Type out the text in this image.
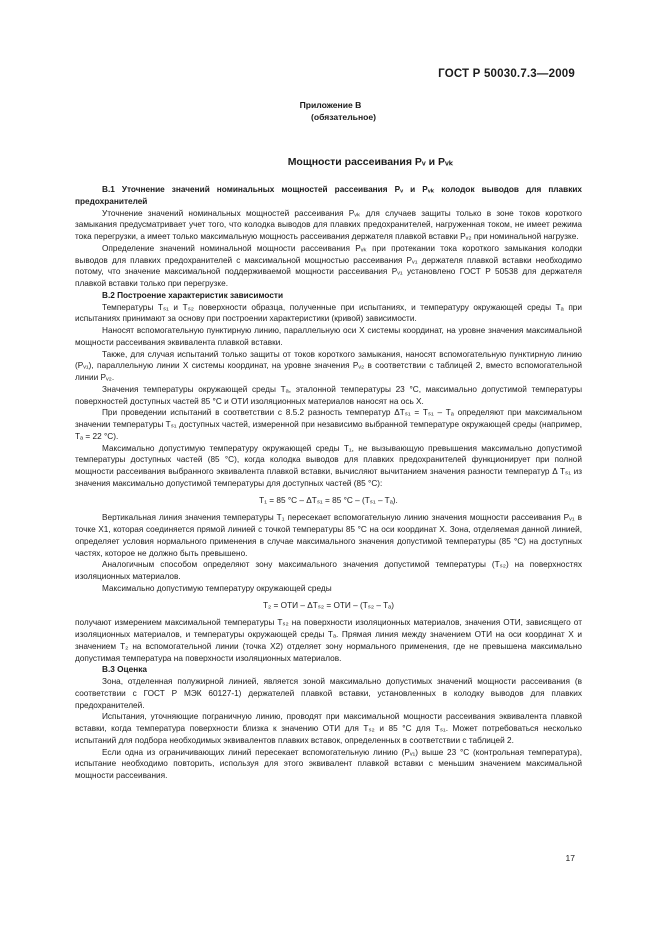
ГОСТ Р 50030.7.3—2009
Приложение В
(обязательное)
Мощности рассеивания Pᵥ и Pᵥₖ

В.1 Уточнение значений номинальных мощностей рассеивания Pᵥ и Pᵥₖ колодок выводов для плавких предохранителей

Уточнение значений номинальных мощностей рассеивания Pᵥₖ для случаев защиты только в зоне токов короткого замыкания предусматривает учет того, что колодка выводов для плавких предохранителей, нагруженная током, не имеет режима тока перегрузки, а имеет только максимальную мощность рассеивания держателя плавкой вставки Pᵥ₂ при номинальной нагрузке.

Определение значений номинальной мощности рассеивания Pᵥₖ при протекании тока короткого замыкания колодки выводов для плавких предохранителей с максимальной мощностью рассеивания Pᵥ₁ держателя плавкой вставки необходимо потому, что значение максимальной поддерживаемой мощности рассеивания Pᵥ₁ установлено ГОСТ Р 50538 для держателя плавкой вставки только при перегрузке.

В.2 Построение характеристик зависимости

Температуры Tₛ₁ и Tₛ₂ поверхности образца, полученные при испытаниях, и температуру окружающей среды Tₐ при испытаниях принимают за основу при построении характеристики (кривой) зависимости.

Наносят вспомогательную пунктирную линию, параллельную оси X системы координат, на уровне значения максимальной мощности рассеивания эквивалента плавкой вставки.

Также, для случая испытаний только защиты от токов короткого замыкания, наносят вспомогательную пунктирную линию (Pᵥ₁), параллельную линии X системы координат, на уровне значения Pᵥ₂ в соответствии с таблицей 2, вместо вспомогательной линии Pᵥ₂.

Значения температуры окружающей среды Tₐ, эталонной температуры 23 °С, максимально допустимой температуры поверхностей доступных частей 85 °С и ОТИ изоляционных материалов наносят на ось X.

При проведении испытаний в соответствии с 8.5.2 разность температур ΔTₛ₁ = Tₛ₁ – Tₐ определяют при максимальном значении температуры Tₛ₁ доступных частей, измеренной при независимо выбранной температуре окружающей среды (например, Tₐ = 22 °С).

Максимально допустимую температуру окружающей среды T₁, не вызывающую превышения максимально допустимой температуры доступных частей (85 °С), когда колодка выводов для плавких предохранителей функционирует при полной мощности рассеивания выбранного эквивалента плавкой вставки, вычисляют вычитанием значения разности температур Δ Tₛ₁ из значения максимально допустимой температуры для доступных частей (85 °С):

T₁ = 85 °С – ΔTₛ₁ = 85 °С – (Tₛ₁ – Tₐ).

Вертикальная линия значения температуры T₁ пересекает вспомогательную линию значения мощности рассеивания Pᵥ₁ в точке X1, которая соединяется прямой линией с точкой температуры 85 °С на оси координат X. Зона, отделяемая данной линией, определяет условия нормального применения в случае максимального значения допустимой температуры (85 °С) на доступных частях, которое не должно быть превышено.

Аналогичным способом определяют зону максимального значения допустимой температуры (Tₛ₂) на поверхностях изоляционных материалов.

Максимально допустимую температуру окружающей среды

T₂ = ОТИ – ΔTₛ₂ = ОТИ – (Tₛ₂ – Tₐ)

получают измерением максимальной температуры Tₛ₂ на поверхности изоляционных материалов, значения ОТИ, зависящего от изоляционных материалов, и температуры окружающей среды Tₐ. Прямая линия между значением ОТИ на оси координат X и значением T₂ на вспомогательной линии (точка X2) отделяет зону нормального применения, где не превышена максимально допустимая температура на поверхности изоляционных материалов.

В.3 Оценка

Зона, отделенная полужирной линией, является зоной максимально допустимых значений мощности рассеивания (в соответствии с ГОСТ Р МЭК 60127-1) держателей плавкой вставки, установленных в колодку выводов для плавких предохранителей.

Испытания, уточняющие пограничную линию, проводят при максимальной мощности рассеивания эквивалента плавкой вставки, когда температура поверхности близка к значению ОТИ для Tₛ₂ и 85 °С для Tₛ₁. Может потребоваться несколько испытаний для подбора необходимых эквивалентов плавких вставок, определенных в соответствии с таблицей 2.

Если одна из ограничивающих линий пересекает вспомогательную линию (Pᵥ₁) выше 23 °С (контрольная температура), испытание необходимо повторить, используя для этого эквивалент плавкой вставки с меньшим значением максимальной мощности рассеивания.

17
